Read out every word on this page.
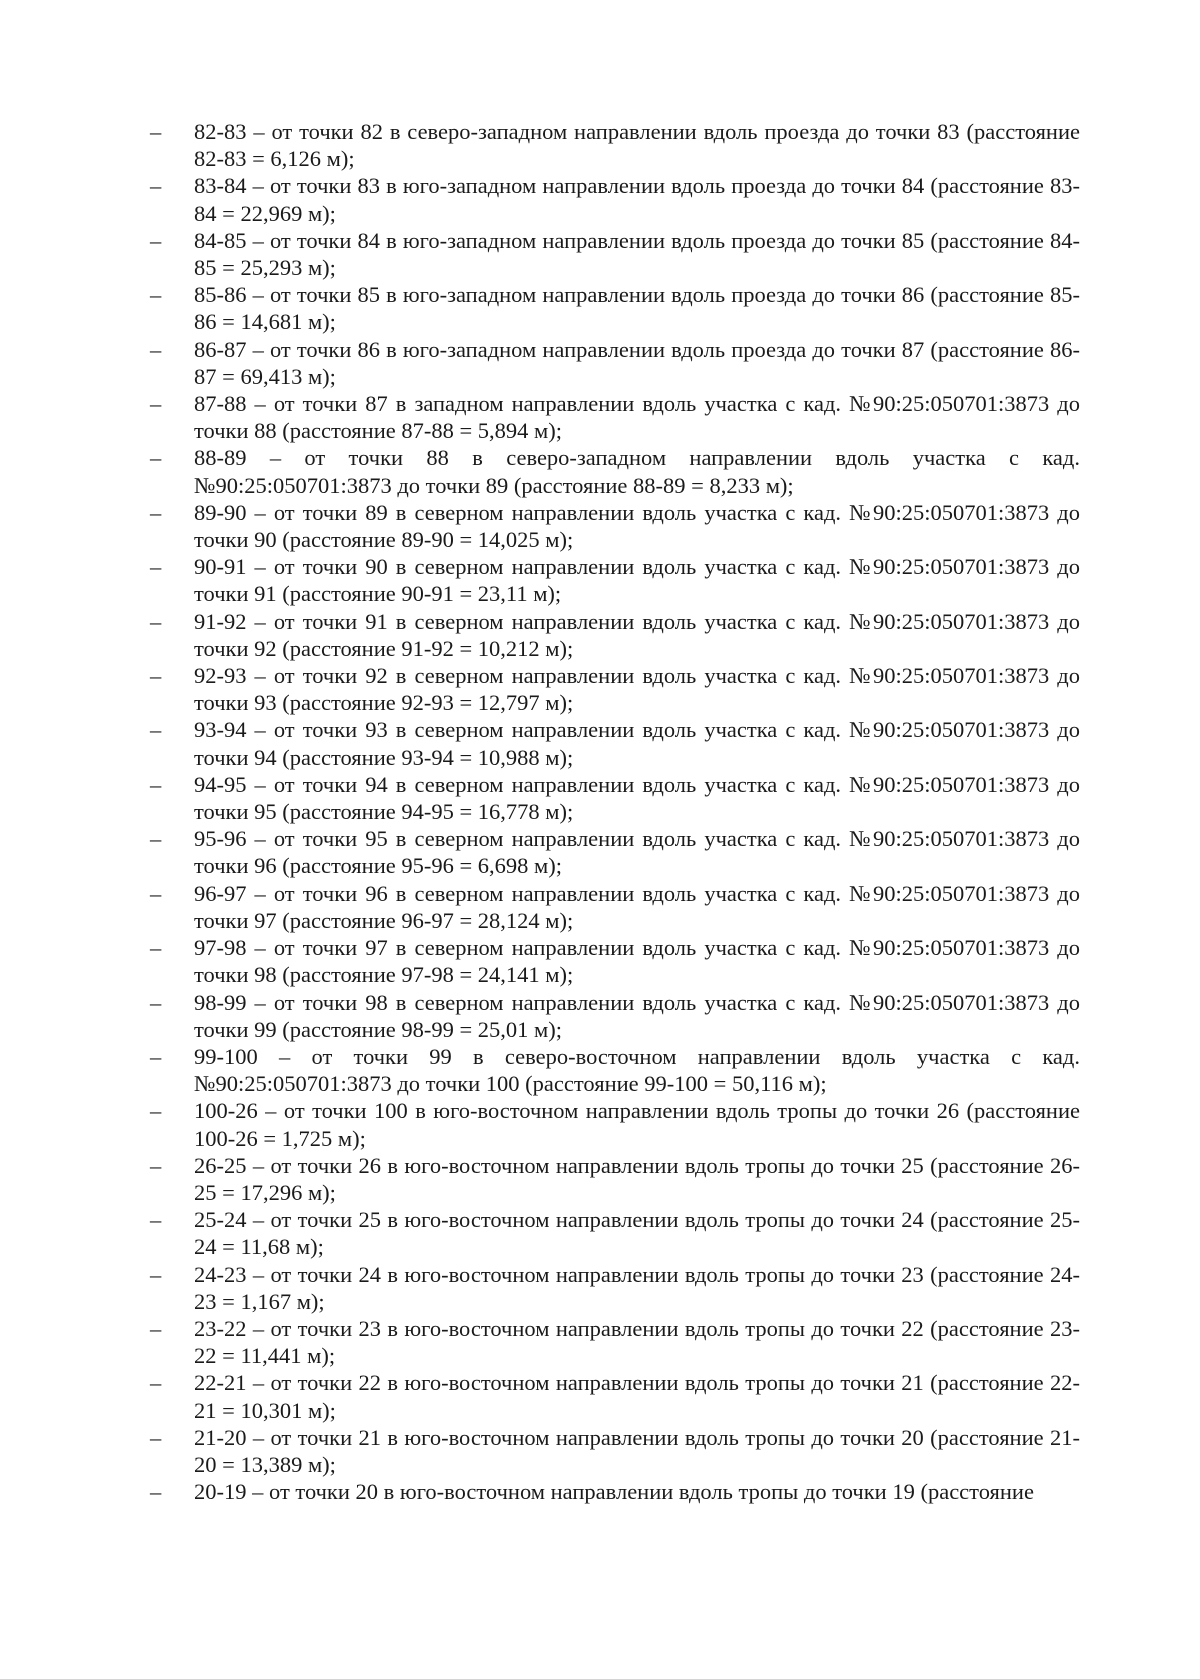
–	82-83 – от точки 82 в северо-западном направлении вдоль проезда до точки 83 (расстояние 82-83 = 6,126 м);
–	83-84 – от точки 83 в юго-западном направлении вдоль проезда до точки 84 (расстояние 83-84 = 22,969 м);
–	84-85 – от точки 84 в юго-западном направлении вдоль проезда до точки 85 (расстояние 84-85 = 25,293 м);
–	85-86 – от точки 85 в юго-западном направлении вдоль проезда до точки 86 (расстояние 85-86 = 14,681 м);
–	86-87 – от точки 86 в юго-западном направлении вдоль проезда до точки 87 (расстояние 86-87 = 69,413 м);
–	87-88 – от точки 87 в западном направлении вдоль участка с кад. №90:25:050701:3873 до точки 88 (расстояние 87-88 = 5,894 м);
–	88-89 – от точки 88 в северо-западном направлении вдоль участка с кад. №90:25:050701:3873 до точки 89 (расстояние 88-89 = 8,233 м);
–	89-90 – от точки 89 в северном направлении вдоль участка с кад. №90:25:050701:3873 до точки 90 (расстояние 89-90 = 14,025 м);
–	90-91 – от точки 90 в северном направлении вдоль участка с кад. №90:25:050701:3873 до точки 91 (расстояние 90-91 = 23,11 м);
–	91-92 – от точки 91 в северном направлении вдоль участка с кад. №90:25:050701:3873 до точки 92 (расстояние 91-92 = 10,212 м);
–	92-93 – от точки 92 в северном направлении вдоль участка с кад. №90:25:050701:3873 до точки 93 (расстояние 92-93 = 12,797 м);
–	93-94 – от точки 93 в северном направлении вдоль участка с кад. №90:25:050701:3873 до точки 94 (расстояние 93-94 = 10,988 м);
–	94-95 – от точки 94 в северном направлении вдоль участка с кад. №90:25:050701:3873 до точки 95 (расстояние 94-95 = 16,778 м);
–	95-96 – от точки 95 в северном направлении вдоль участка с кад. №90:25:050701:3873 до точки 96 (расстояние 95-96 = 6,698 м);
–	96-97 – от точки 96 в северном направлении вдоль участка с кад. №90:25:050701:3873 до точки 97 (расстояние 96-97 = 28,124 м);
–	97-98 – от точки 97 в северном направлении вдоль участка с кад. №90:25:050701:3873 до точки 98 (расстояние 97-98 = 24,141 м);
–	98-99 – от точки 98 в северном направлении вдоль участка с кад. №90:25:050701:3873 до точки 99 (расстояние 98-99 = 25,01 м);
–	99-100 – от точки 99 в северо-восточном направлении вдоль участка с кад. №90:25:050701:3873 до точки 100 (расстояние 99-100 = 50,116 м);
–	100-26 – от точки 100 в юго-восточном направлении вдоль тропы до точки 26 (расстояние 100-26 = 1,725 м);
–	26-25 – от точки 26 в юго-восточном направлении вдоль тропы до точки 25 (расстояние 26-25 = 17,296 м);
–	25-24 – от точки 25 в юго-восточном направлении вдоль тропы до точки 24 (расстояние 25-24 = 11,68 м);
–	24-23 – от точки 24 в юго-восточном направлении вдоль тропы до точки 23 (расстояние 24-23 = 1,167 м);
–	23-22 – от точки 23 в юго-восточном направлении вдоль тропы до точки 22 (расстояние 23-22 = 11,441 м);
–	22-21 – от точки 22 в юго-восточном направлении вдоль тропы до точки 21 (расстояние 22-21 = 10,301 м);
–	21-20 – от точки 21 в юго-восточном направлении вдоль тропы до точки 20 (расстояние 21-20 = 13,389 м);
–	20-19 – от точки 20 в юго-восточном направлении вдоль тропы до точки 19 (расстояние
